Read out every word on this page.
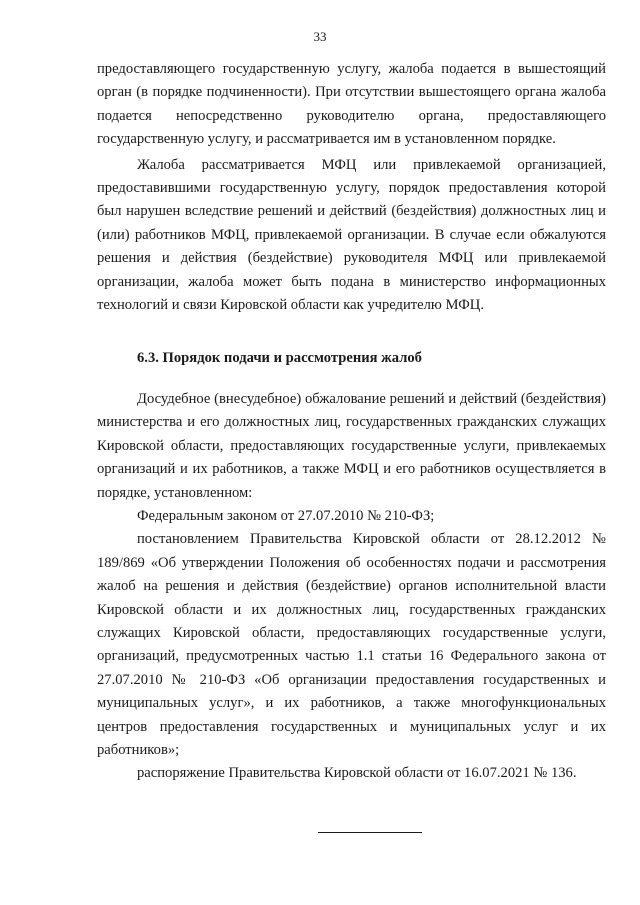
33

предоставляющего государственную услугу, жалоба подается в вышестоящий орган (в порядке подчиненности). При отсутствии вышестоящего органа жалоба подается непосредственно руководителю органа, предоставляющего государственную услугу, и рассматривается им в установленном порядке.

Жалоба рассматривается МФЦ или привлекаемой организацией, предоставившими государственную услугу, порядок предоставления которой был нарушен вследствие решений и действий (бездействия) должностных лиц и (или) работников МФЦ, привлекаемой организации. В случае если обжалуются решения и действия (бездействие) руководителя МФЦ или привлекаемой организации, жалоба может быть подана в министерство информационных технологий и связи Кировской области как учредителю МФЦ.

6.3. Порядок подачи и рассмотрения жалоб

Досудебное (внесудебное) обжалование решений и действий (бездействия) министерства и его должностных лиц, государственных гражданских служащих Кировской области, предоставляющих государственные услуги, привлекаемых организаций и их работников, а также МФЦ и его работников осуществляется в порядке, установленном:

Федеральным законом от 27.07.2010 № 210-ФЗ;

постановлением Правительства Кировской области от 28.12.2012 № 189/869 «Об утверждении Положения об особенностях подачи и рассмотрения жалоб на решения и действия (бездействие) органов исполнительной власти Кировской области и их должностных лиц, государственных гражданских служащих Кировской области, предоставляющих государственные услуги, организаций, предусмотренных частью 1.1 статьи 16 Федерального закона от 27.07.2010 № 210-ФЗ «Об организации предоставления государственных и муниципальных услуг», и их работников, а также многофункциональных центров предоставления государственных и муниципальных услуг и их работников»;

распоряжение Правительства Кировской области от 16.07.2021 № 136.
